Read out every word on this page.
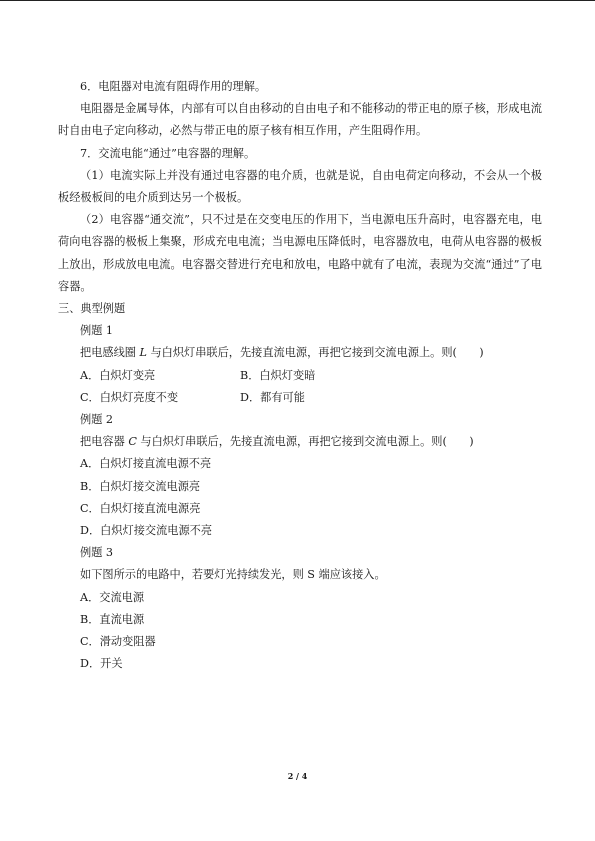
6．电阻器对电流有阻碍作用的理解。

电阻器是金属导体，内部有可以自由移动的自由电子和不能移动的带正电的原子核，形成电流时自由电子定向移动，必然与带正电的原子核有相互作用，产生阻碍作用。

7．交流电能“通过”电容器的理解。

（1）电流实际上并没有通过电容器的电介质，也就是说，自由电荷定向移动，不会从一个极板经极板间的电介质到达另一个极板。

（2）电容器“通交流”，只不过是在交变电压的作用下，当电源电压升高时，电容器充电，电荷向电容器的极板上集聚，形成充电电流；当电源电压降低时，电容器放电，电荷从电容器的极板上放出，形成放电电流。电容器交替进行充电和放电，电路中就有了电流，表现为交流“通过”了电容器。

三、典型例题

例题 1

把电感线圈 L 与白炽灯串联后，先接直流电源，再把它接到交流电源上。则(　　)

A．白炽灯变亮	B．白炽灯变暗
C．白炽灯亮度不变	D．都有可能

例题 2

把电容器 C 与白炽灯串联后，先接直流电源，再把它接到交流电源上。则(　　)

A．白炽灯接直流电源不亮

B．白炽灯接交流电源亮

C．白炽灯接直流电源亮

D．白炽灯接交流电源不亮

例题 3

如下图所示的电路中，若要灯光持续发光，则 S 端应该接入。

A．交流电源

B．直流电源

C．滑动变阻器

D．开关

2 / 4
